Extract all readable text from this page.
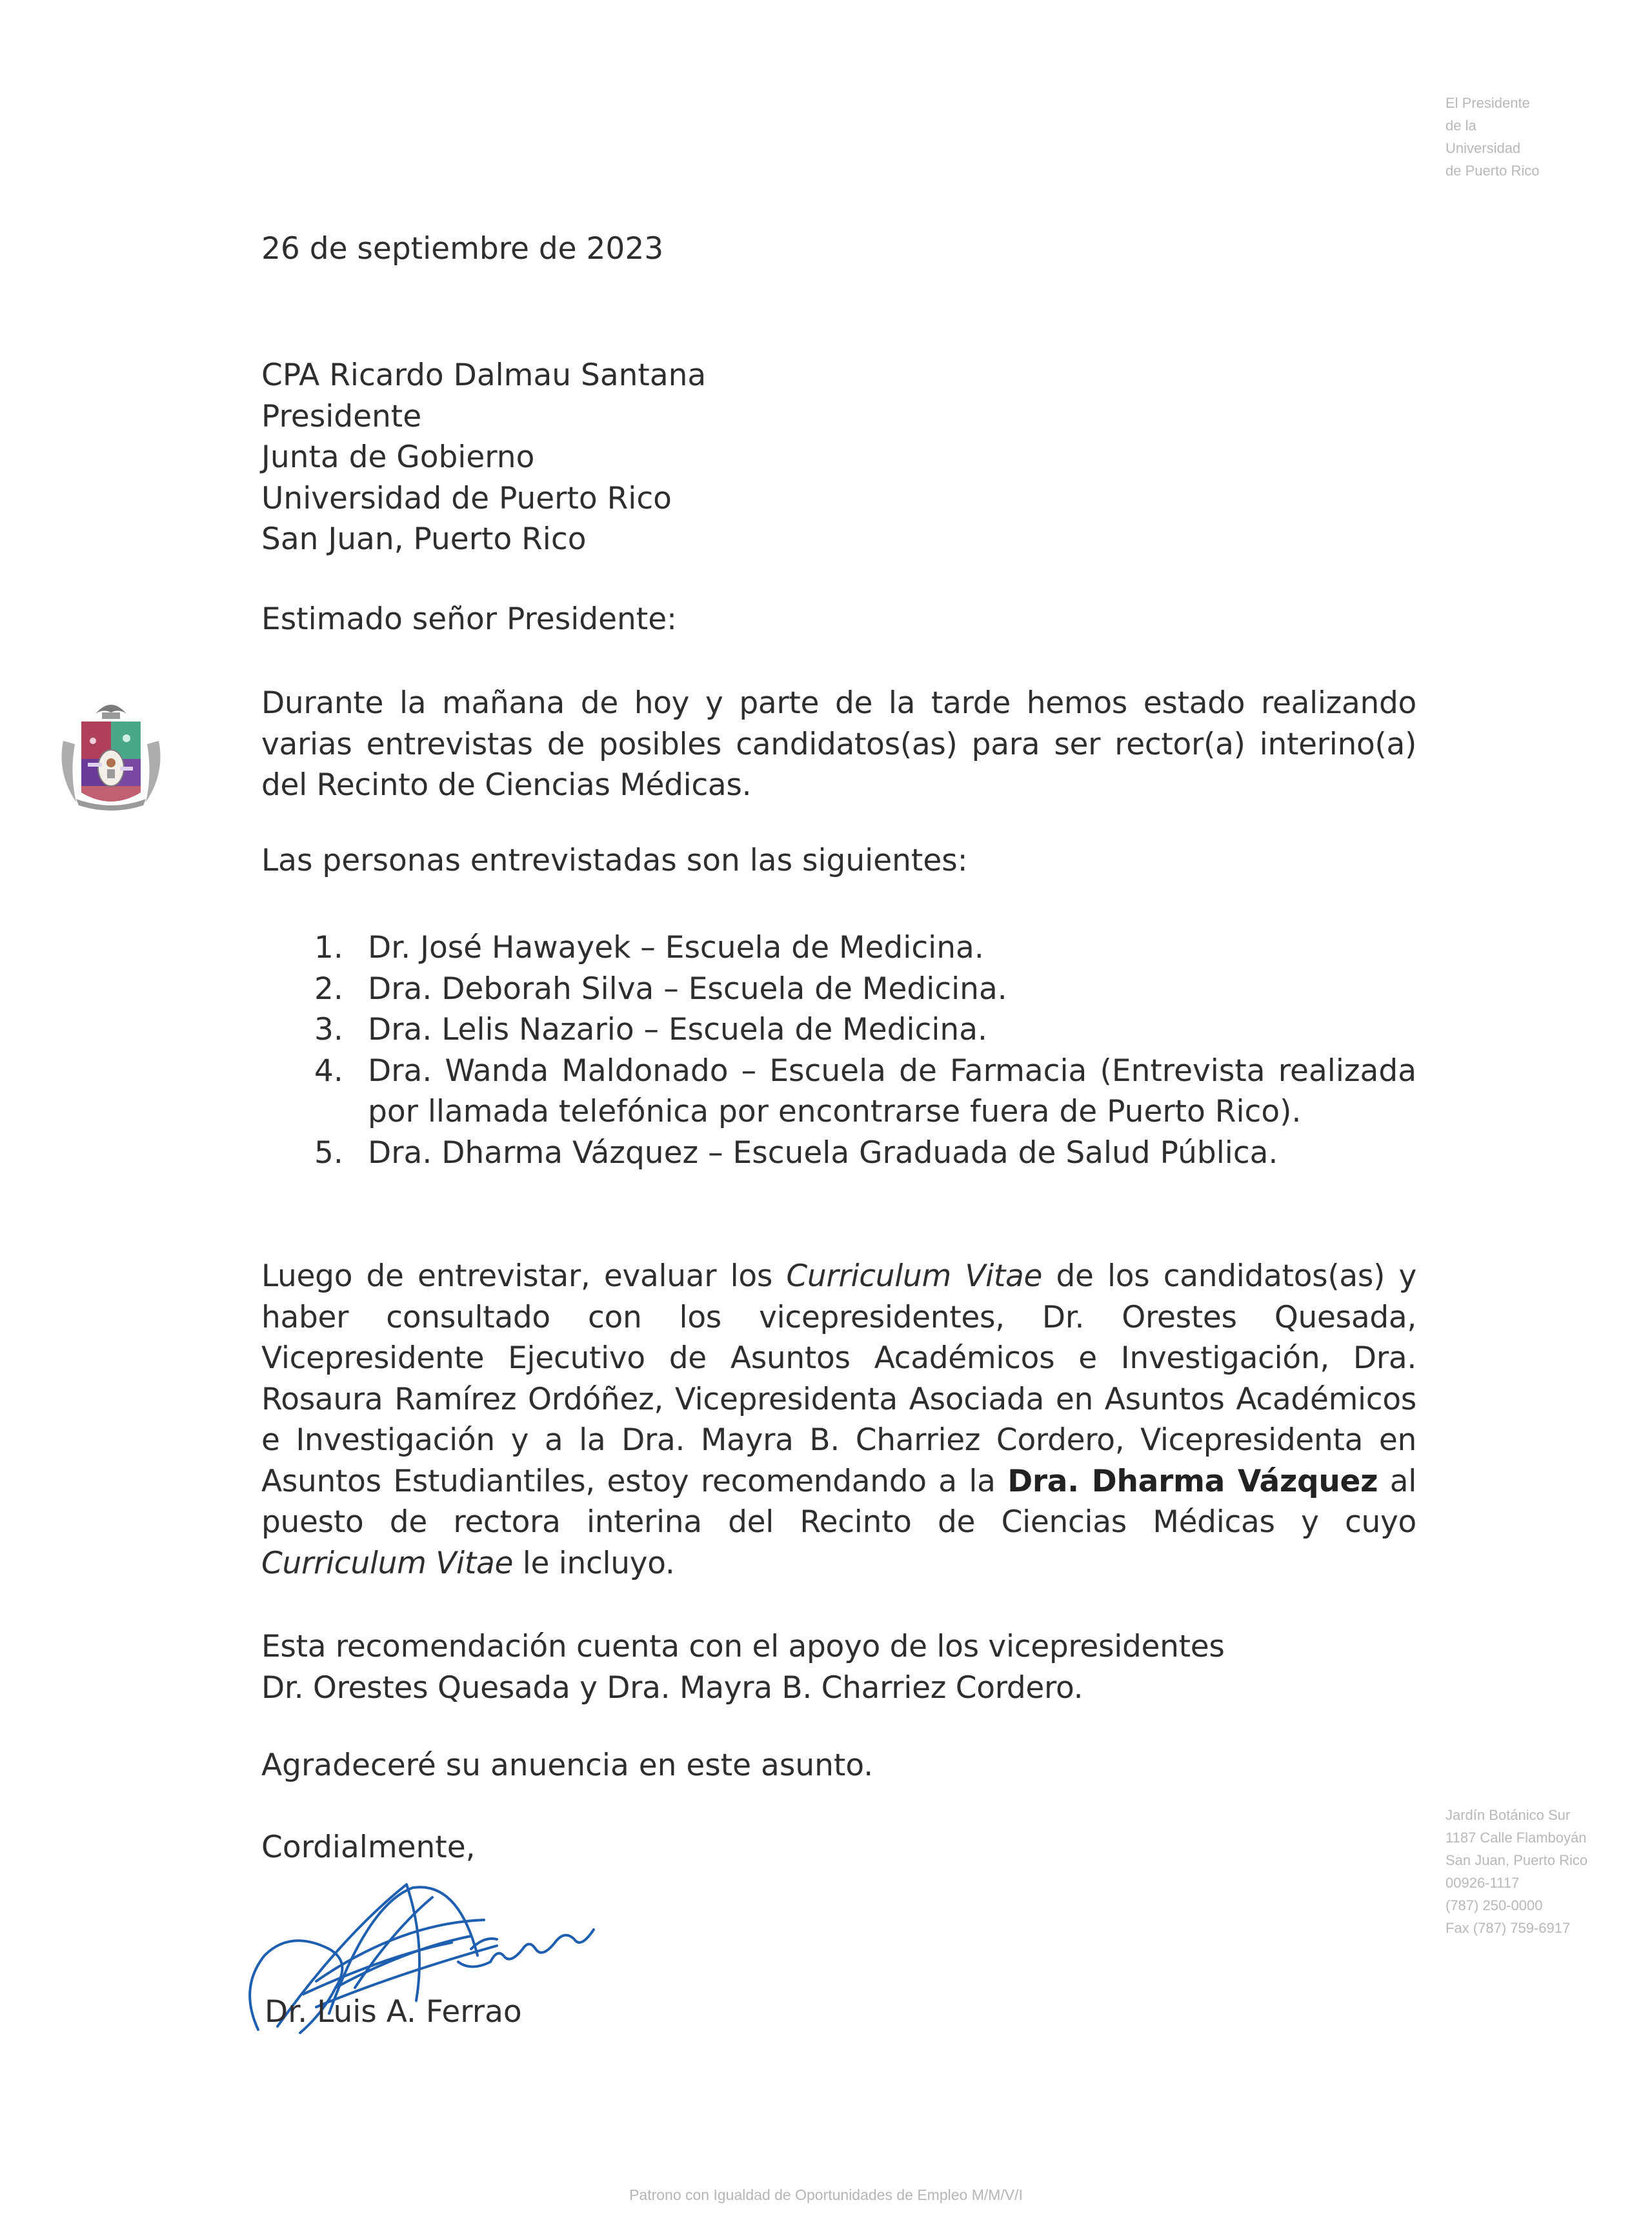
El Presidente
de la
Universidad
de Puerto Rico
26 de septiembre de 2023
CPA Ricardo Dalmau Santana
Presidente
Junta de Gobierno
Universidad de Puerto Rico
San Juan, Puerto Rico
Estimado señor Presidente:
Durante la mañana de hoy y parte de la tarde hemos estado realizando varias entrevistas de posibles candidatos(as) para ser rector(a) interino(a) del Recinto de Ciencias Médicas.
Las personas entrevistadas son las siguientes:
1. Dr. José Hawayek – Escuela de Medicina.
2. Dra. Deborah Silva – Escuela de Medicina.
3. Dra. Lelis Nazario – Escuela de Medicina.
4. Dra. Wanda Maldonado – Escuela de Farmacia (Entrevista realizada por llamada telefónica por encontrarse fuera de Puerto Rico).
5. Dra. Dharma Vázquez – Escuela Graduada de Salud Pública.
Luego de entrevistar, evaluar los Curriculum Vitae de los candidatos(as) y haber consultado con los vicepresidentes, Dr. Orestes Quesada, Vicepresidente Ejecutivo de Asuntos Académicos e Investigación, Dra. Rosaura Ramírez Ordóñez, Vicepresidenta Asociada en Asuntos Académicos e Investigación y a la Dra. Mayra B. Charriez Cordero, Vicepresidenta en Asuntos Estudiantiles, estoy recomendando a la Dra. Dharma Vázquez al puesto de rectora interina del Recinto de Ciencias Médicas y cuyo Curriculum Vitae le incluyo.
Esta recomendación cuenta con el apoyo de los vicepresidentes
Dr. Orestes Quesada y Dra. Mayra B. Charriez Cordero.
Agradeceré su anuencia en este asunto.
Cordialmente,
Dr. Luis A. Ferrao
Jardín Botánico Sur
1187 Calle Flamboyán
San Juan, Puerto Rico
00926-1117
(787) 250-0000
Fax (787) 759-6917
Patrono con Igualdad de Oportunidades de Empleo M/M/V/I
